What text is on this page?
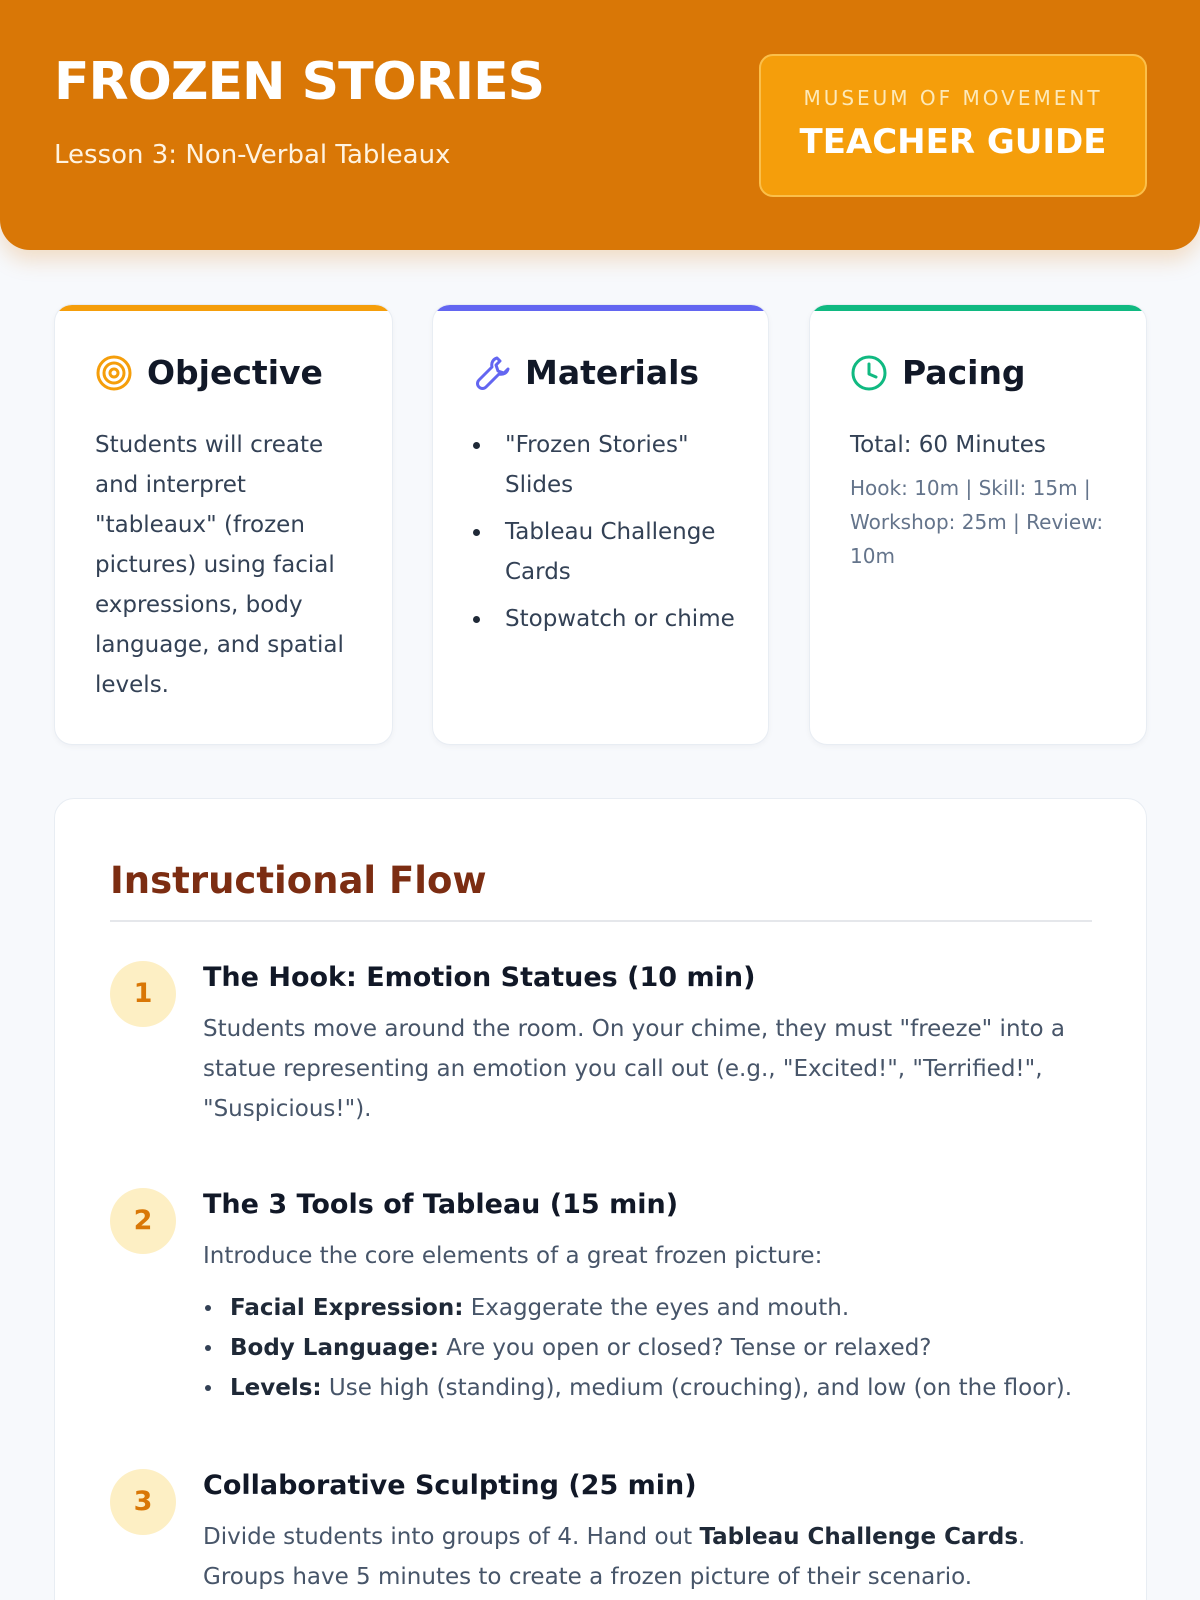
FROZEN STORIES
Lesson 3: Non-Verbal Tableaux
MUSEUM OF MOVEMENT
TEACHER GUIDE
Objective

Students will create and interpret "tableaux" (frozen pictures) using facial expressions, body language, and spatial levels.

Materials
"Frozen Stories" Slides
Tableau Challenge Cards
Stopwatch or chime
Pacing
Total: 60 Minutes

Hook: 10m | Skill: 15m | Workshop: 25m | Review: 10m

Instructional Flow
1
The Hook: Emotion Statues (10 min)

Students move around the room. On your chime, they must "freeze" into a statue representing an emotion you call out (e.g., "Excited!", "Terrified!", "Suspicious!").

2
The 3 Tools of Tableau (15 min)

Introduce the core elements of a great frozen picture:

Facial Expression: Exaggerate the eyes and mouth.
Body Language: Are you open or closed? Tense or relaxed?
Levels: Use high (standing), medium (crouching), and low (on the floor).
3
Collaborative Sculpting (25 min)

Divide students into groups of 4. Hand out Tableau Challenge Cards. Groups have 5 minutes to create a frozen picture of their scenario.
